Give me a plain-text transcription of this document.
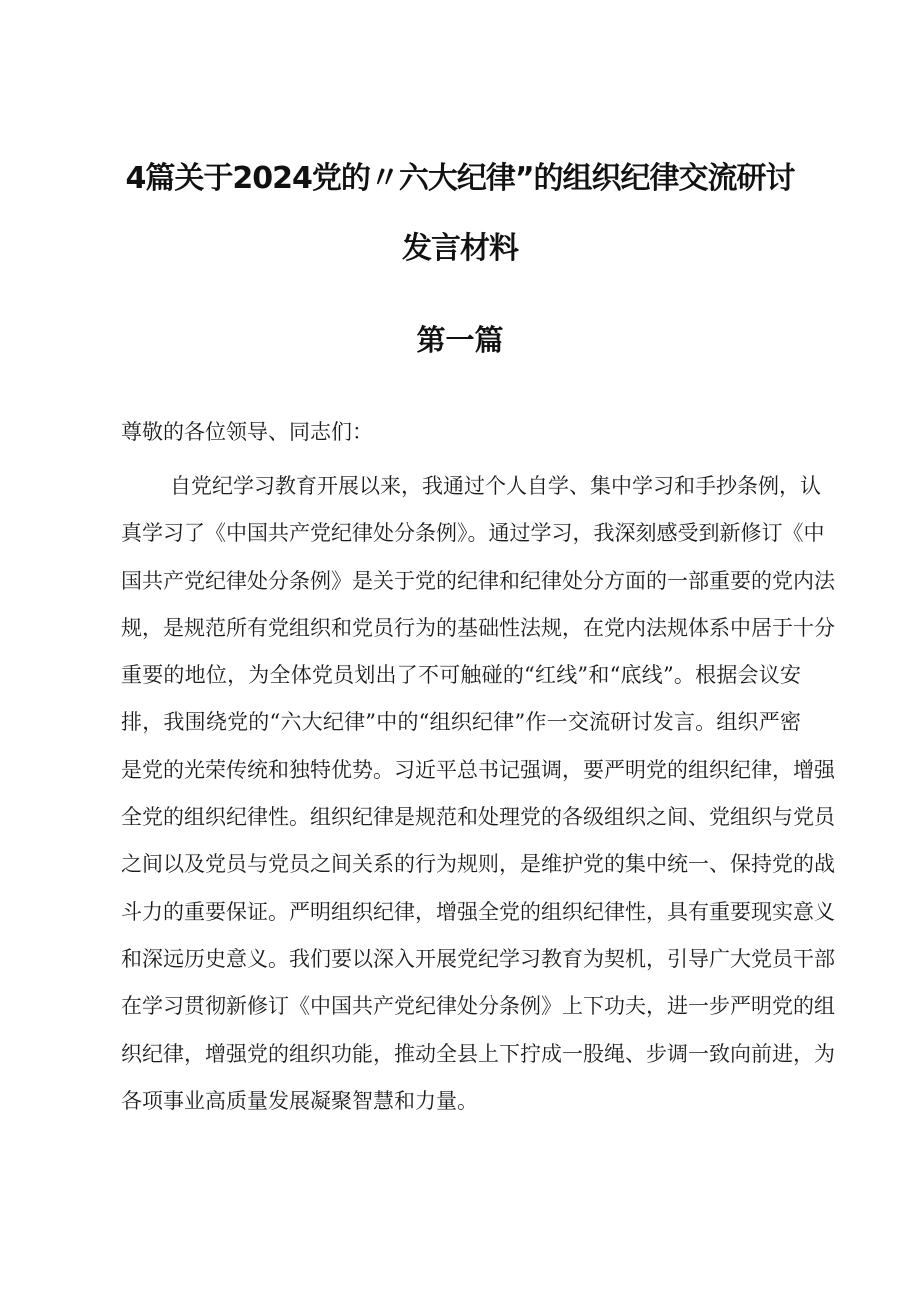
4篇关于2024党的〃六大纪律”的组织纪律交流研讨
发言材料
第一篇
尊敬的各位领导、同志们：
自党纪学习教育开展以来，我通过个人自学、集中学习和手抄条例，认
真学习了《中国共产党纪律处分条例》。通过学习，我深刻感受到新修订《中
国共产党纪律处分条例》是关于党的纪律和纪律处分方面的一部重要的党内法
规，是规范所有党组织和党员行为的基础性法规，在党内法规体系中居于十分
重要的地位，为全体党员划出了不可触碰的“红线”和“底线”。根据会议安
排，我围绕党的“六大纪律”中的“组织纪律”作一交流研讨发言。组织严密
是党的光荣传统和独特优势。习近平总书记强调，要严明党的组织纪律，增强
全党的组织纪律性。组织纪律是规范和处理党的各级组织之间、党组织与党员
之间以及党员与党员之间关系的行为规则，是维护党的集中统一、保持党的战
斗力的重要保证。严明组织纪律，增强全党的组织纪律性，具有重要现实意义
和深远历史意义。我们要以深入开展党纪学习教育为契机，引导广大党员干部
在学习贯彻新修订《中国共产党纪律处分条例》上下功夫，进一步严明党的组
织纪律，增强党的组织功能，推动全县上下拧成一股绳、步调一致向前进，为
各项事业高质量发展凝聚智慧和力量。
